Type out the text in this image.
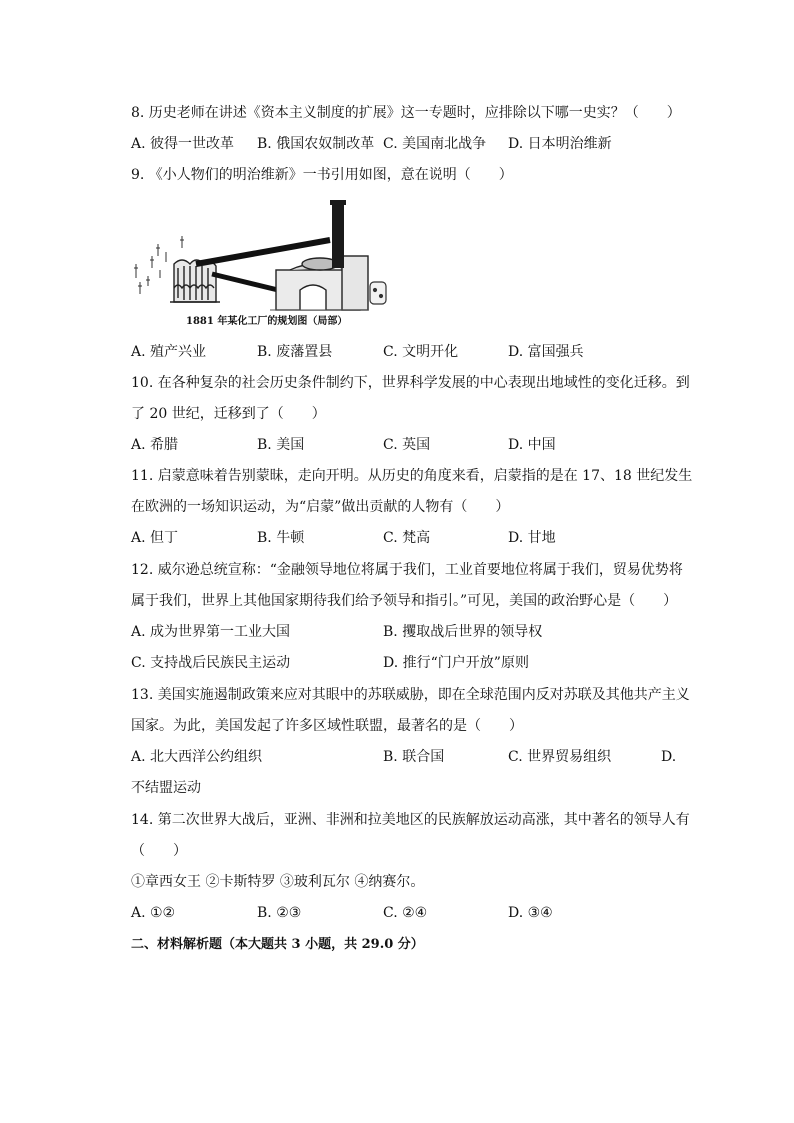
8. 历史老师在讲述《资本主义制度的扩展》这一专题时，应排除以下哪一史实？（　　）
A. 彼得一世改革 B. 俄国农奴制改革 C. 美国南北战争 D. 日本明治维新
9. 《小人物们的明治维新》一书引用如图，意在说明（　　）
1881 年某化工厂的规划图（局部）
A. 殖产兴业	B. 废藩置县	C. 文明开化	D. 富国强兵
10. 在各种复杂的社会历史条件制约下，世界科学发展的中心表现出地域性的变化迁移。到
了 20 世纪，迁移到了（　　）
A. 希腊	B. 美国	C. 英国	D. 中国
11. 启蒙意味着告别蒙昧，走向开明。从历史的角度来看，启蒙指的是在 17、18 世纪发生
在欧洲的一场知识运动，为“启蒙”做出贡献的人物有（　　）
A. 但丁	B. 牛顿	C. 梵高	D. 甘地
12. 威尔逊总统宣称：“金融领导地位将属于我们，工业首要地位将属于我们，贸易优势将
属于我们，世界上其他国家期待我们给予领导和指引。”可见，美国的政治野心是（　　）
A. 成为世界第一工业大国	B. 攫取战后世界的领导权
C. 支持战后民族民主运动	D. 推行“门户开放”原则
13. 美国实施遏制政策来应对其眼中的苏联威胁，即在全球范围内反对苏联及其他共产主义
国家。为此，美国发起了许多区域性联盟，最著名的是（　　）
A. 北大西洋公约组织	B. 联合国	C. 世界贸易组织	D.
不结盟运动
14. 第二次世界大战后，亚洲、非洲和拉美地区的民族解放运动高涨，其中著名的领导人有
（　　）
①章西女王 ②卡斯特罗 ③玻利瓦尔 ④纳赛尔。
A. ①②	B. ②③	C. ②④	D. ③④
二、材料解析题（本大题共 3 小题，共 29.0 分）
